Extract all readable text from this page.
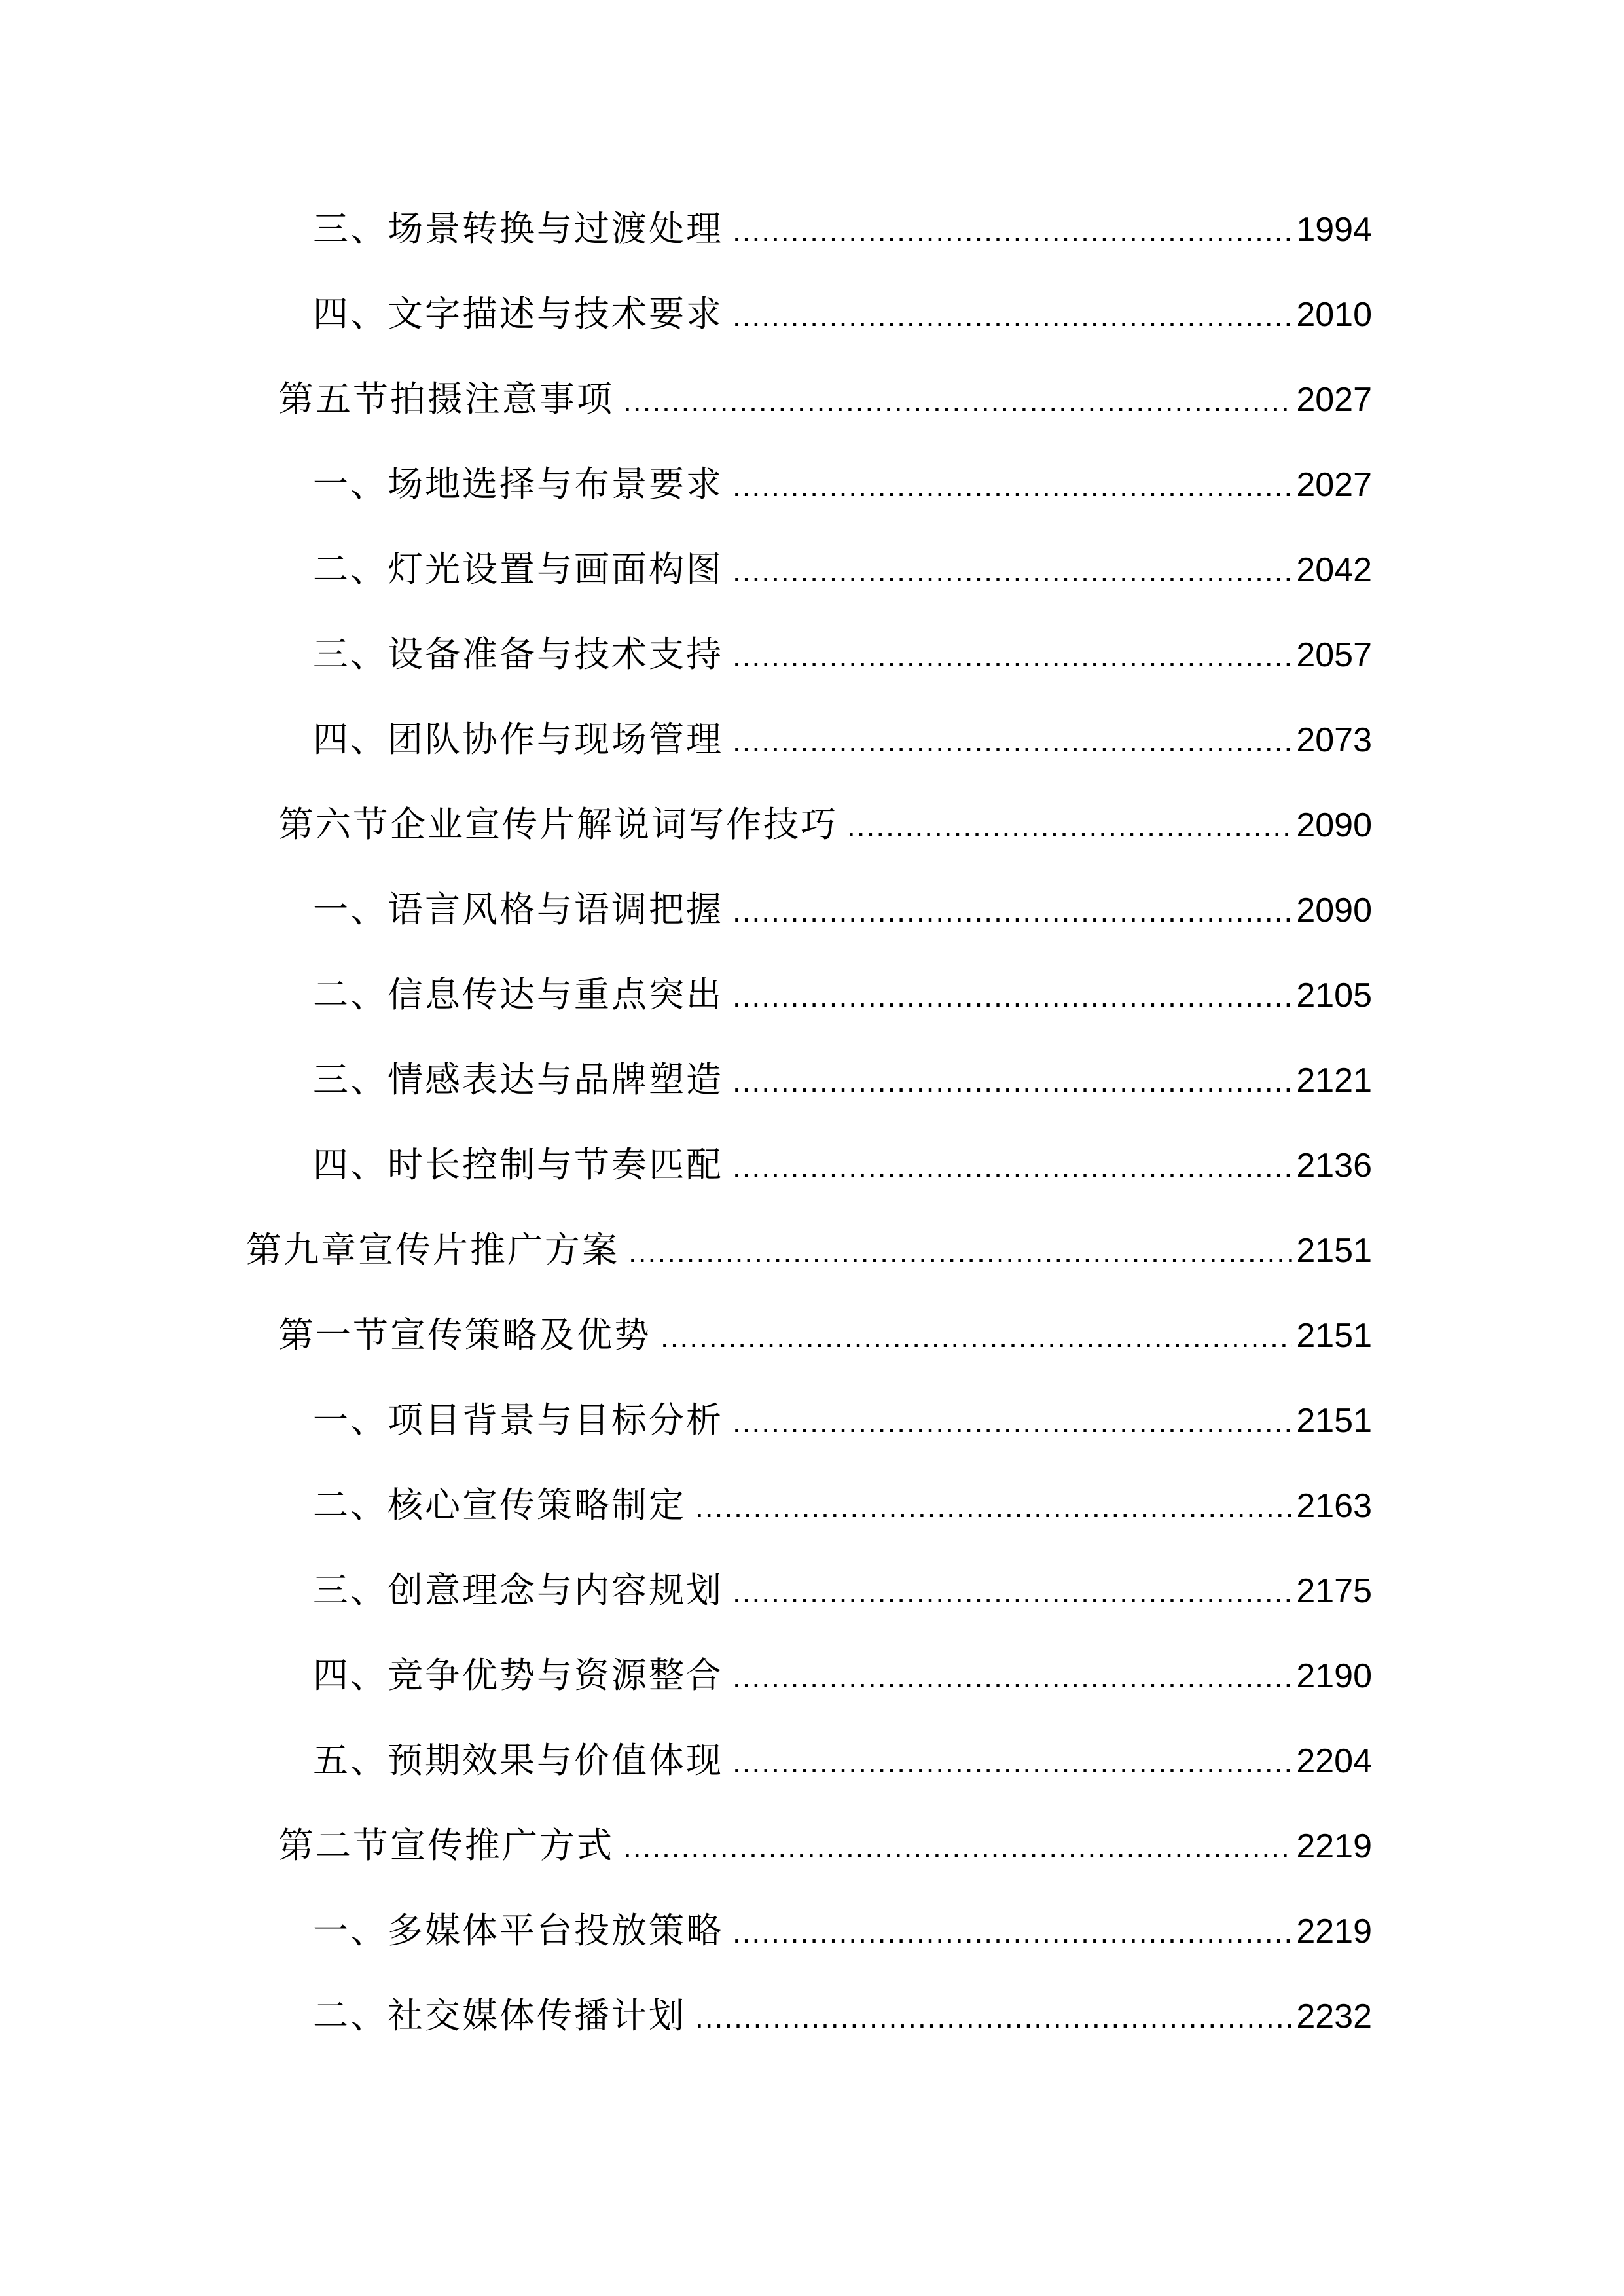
三、场景转换与过渡处理 .....	1994
四、文字描述与技术要求 .....	2010
第五节拍摄注意事项 .....	2027
一、场地选择与布景要求 .....	2027
二、灯光设置与画面构图 .....	2042
三、设备准备与技术支持 .....	2057
四、团队协作与现场管理 .....	2073
第六节企业宣传片解说词写作技巧 .....	2090
一、语言风格与语调把握 .....	2090
二、信息传达与重点突出 .....	2105
三、情感表达与品牌塑造 .....	2121
四、时长控制与节奏匹配 .....	2136
第九章宣传片推广方案 .....	2151
第一节宣传策略及优势 .....	2151
一、项目背景与目标分析 .....	2151
二、核心宣传策略制定 .....	2163
三、创意理念与内容规划 .....	2175
四、竞争优势与资源整合 .....	2190
五、预期效果与价值体现 .....	2204
第二节宣传推广方式 .....	2219
一、多媒体平台投放策略 .....	2219
二、社交媒体传播计划 .....	2232
